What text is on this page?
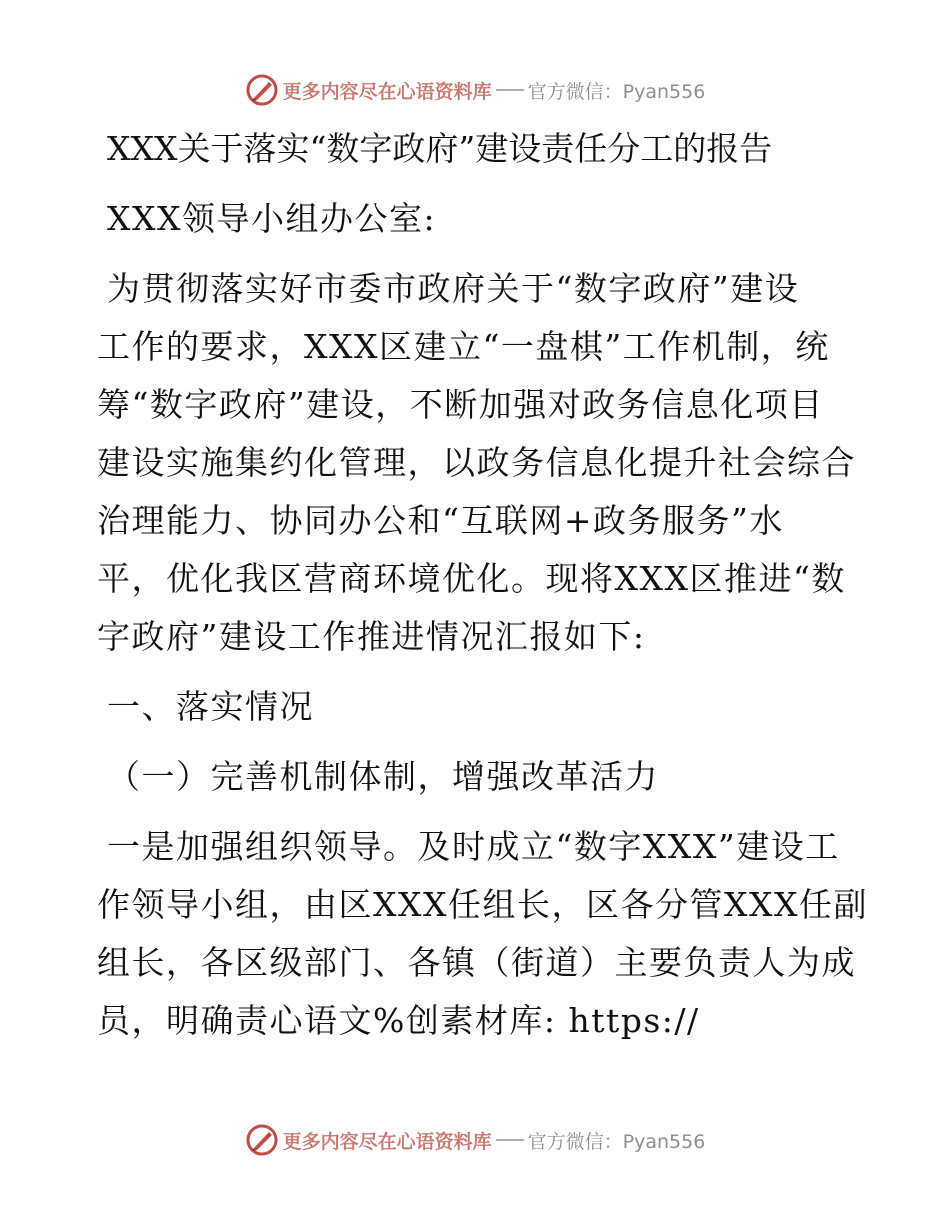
更多内容尽在心语资料库 官方微信：Pyan556
XXX关于落实“数字政府”建设责任分工的报告
XXX领导小组办公室:
为贯彻落实好市委市政府关于“数字政府”建设
工作的要求，XXX区建立“一盘棋”工作机制，统
筹“数字政府”建设，不断加强对政务信息化项目
建设实施集约化管理，以政务信息化提升社会综合
治理能力、协同办公和“互联网+政务服务”水
平，优化我区营商环境优化。现将XXX区推进“数
字政府”建设工作推进情况汇报如下:
一、落实情况
（一）完善机制体制，增强改革活力
一是加强组织领导。及时成立“数字XXX”建设工
作领导小组，由区XXX任组长，区各分管XXX任副
组长，各区级部门、各镇（街道）主要负责人为成
员，明确责心语文%创素材库: https://
更多内容尽在心语资料库 官方微信：Pyan556
